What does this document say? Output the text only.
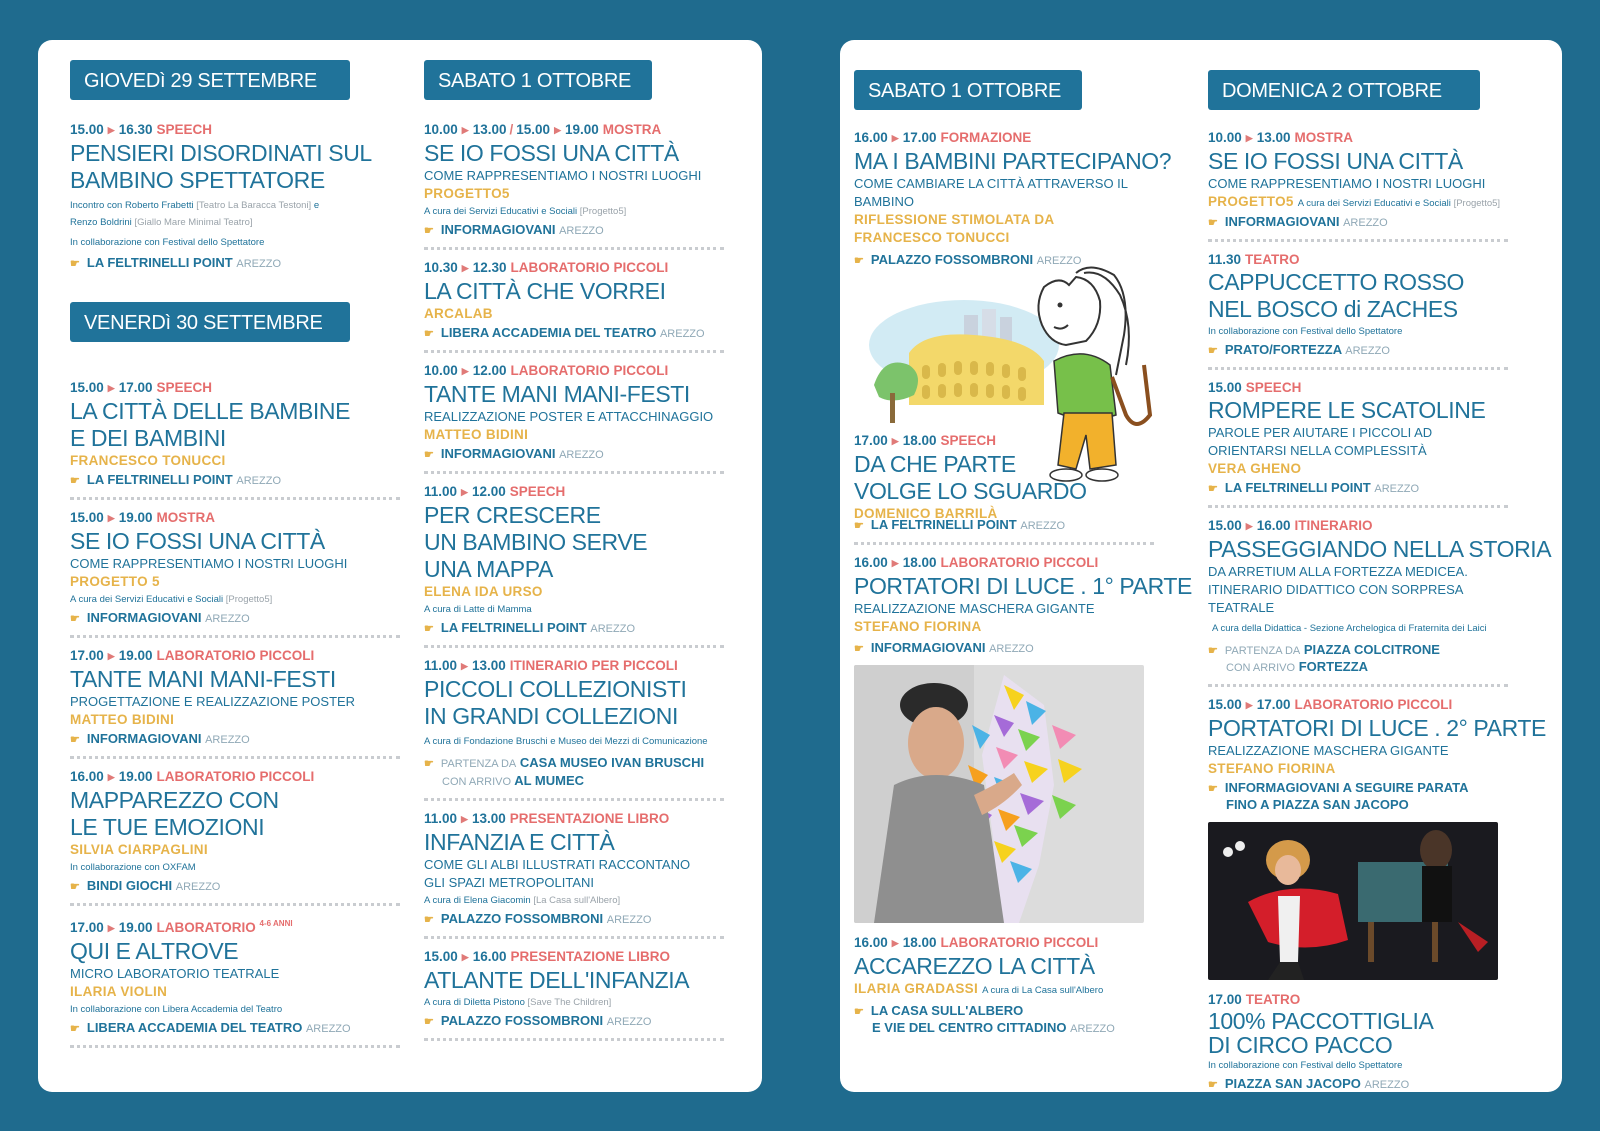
GIOVEDì 29 SETTEMBRE
15.00 ▶ 16.30 SPEECH
PENSIERI DISORDINATI SUL
BAMBINO SPETTATORE
Incontro con Roberto Frabetti [Teatro La Baracca Testoni] e
Renzo Boldrini [Giallo Mare Minimal Teatro]
In collaborazione con Festival dello Spettatore
☛ LA FELTRINELLI POINT AREZZO
VENERDì 30 SETTEMBRE
15.00 ▶ 17.00 SPEECH
LA CITTÀ DELLE BAMBINE
E DEI BAMBINI
FRANCESCO TONUCCI
☛ LA FELTRINELLI POINT AREZZO
15.00 ▶ 19.00 MOSTRA
SE IO FOSSI UNA CITTÀ
COME RAPPRESENTIAMO I NOSTRI LUOGHI
PROGETTO 5
A cura dei Servizi Educativi e Sociali [Progetto5]
☛ INFORMAGIOVANI AREZZO
17.00 ▶ 19.00 LABORATORIO PICCOLI
TANTE MANI MANI-FESTI
PROGETTAZIONE E REALIZZAZIONE POSTER
MATTEO BIDINI
☛ INFORMAGIOVANI AREZZO
16.00 ▶ 19.00 LABORATORIO PICCOLI
MAPPAREZZO CON
LE TUE EMOZIONI
SILVIA CIARPAGLINI
In collaborazione con OXFAM
☛ BINDI GIOCHI AREZZO
17.00 ▶ 19.00 LABORATORIO $^{4-6 ANNI}$
QUI E ALTROVE
MICRO LABORATORIO TEATRALE
ILARIA VIOLIN
In collaborazione con Libera Accademia del Teatro
☛ LIBERA ACCADEMIA DEL TEATRO AREZZO
SABATO 1 OTTOBRE
10.00 ▶ 13.00 / 15.00 ▶ 19.00 MOSTRA
SE IO FOSSI UNA CITTÀ
COME RAPPRESENTIAMO I NOSTRI LUOGHI
PROGETTO5
A cura dei Servizi Educativi e Sociali [Progetto5]
☛ INFORMAGIOVANI AREZZO
10.30 ▶ 12.30 LABORATORIO PICCOLI
LA CITTÀ CHE VORREI
ARCALAB
☛ LIBERA ACCADEMIA DEL TEATRO AREZZO
10.00 ▶ 12.00 LABORATORIO PICCOLI
TANTE MANI MANI-FESTI
REALIZZAZIONE POSTER E ATTACCHINAGGIO
MATTEO BIDINI
☛ INFORMAGIOVANI AREZZO
11.00 ▶ 12.00 SPEECH
PER CRESCERE
UN BAMBINO SERVE
UNA MAPPA
ELENA IDA URSO
A cura di Latte di Mamma
☛ LA FELTRINELLI POINT AREZZO
11.00 ▶ 13.00 ITINERARIO PER PICCOLI
PICCOLI COLLEZIONISTI
IN GRANDI COLLEZIONI
A cura di Fondazione Bruschi e Museo dei Mezzi di Comunicazione
☛ PARTENZA DA CASA MUSEO IVAN BRUSCHI
CON ARRIVO AL MUMEC
11.00 ▶ 13.00 PRESENTAZIONE LIBRO
INFANZIA E CITTÀ
COME GLI ALBI ILLUSTRATI RACCONTANO
GLI SPAZI METROPOLITANI
A cura di Elena Giacomin [La Casa sull'Albero]
☛ PALAZZO FOSSOMBRONI AREZZO
15.00 ▶ 16.00 PRESENTAZIONE LIBRO
ATLANTE DELL'INFANZIA
A cura di Diletta Pistono [Save The Children]
☛ PALAZZO FOSSOMBRONI AREZZO
SABATO 1 OTTOBRE
16.00 ▶ 17.00 FORMAZIONE
MA I BAMBINI PARTECIPANO?
COME CAMBIARE LA CITTÀ ATTRAVERSO IL
BAMBINO
RIFLESSIONE STIMOLATA DA
FRANCESCO TONUCCI
☛ PALAZZO FOSSOMBRONI AREZZO
17.00 ▶ 18.00 SPEECH
DA CHE PARTE
VOLGE LO SGUARDO
DOMENICO BARRILÀ
☛ LA FELTRINELLI POINT AREZZO
16.00 ▶ 18.00 LABORATORIO PICCOLI
PORTATORI DI LUCE . 1° PARTE
REALIZZAZIONE MASCHERA GIGANTE
STEFANO FIORINA
☛ INFORMAGIOVANI AREZZO
16.00 ▶ 18.00 LABORATORIO PICCOLI
ACCAREZZO LA CITTÀ
ILARIA GRADASSI A cura di La Casa sull'Albero
☛ LA CASA SULL'ALBERO
E VIE DEL CENTRO CITTADINO AREZZO
DOMENICA 2 OTTOBRE
10.00 ▶ 13.00 MOSTRA
SE IO FOSSI UNA CITTÀ
COME RAPPRESENTIAMO I NOSTRI LUOGHI
PROGETTO5 A cura dei Servizi Educativi e Sociali [Progetto5]
☛ INFORMAGIOVANI AREZZO
11.30 TEATRO
CAPPUCCETTO ROSSO
NEL BOSCO di ZACHES
In collaborazione con Festival dello Spettatore
☛ PRATO/FORTEZZA AREZZO
15.00 SPEECH
ROMPERE LE SCATOLINE
PAROLE PER AIUTARE I PICCOLI AD
ORIENTARSI NELLA COMPLESSITÀ
VERA GHENO
☛ LA FELTRINELLI POINT AREZZO
15.00 ▶ 16.00 ITINERARIO
PASSEGGIANDO NELLA STORIA
DA ARRETIUM ALLA FORTEZZA MEDICEA.
ITINERARIO DIDATTICO CON SORPRESA
TEATRALE
A cura della Didattica - Sezione Archelogica di Fraternita dei Laici
☛ PARTENZA DA PIAZZA COLCITRONE
CON ARRIVO FORTEZZA
15.00 ▶ 17.00 LABORATORIO PICCOLI
PORTATORI DI LUCE . 2° PARTE
REALIZZAZIONE MASCHERA GIGANTE
STEFANO FIORINA
☛ INFORMAGIOVANI A SEGUIRE PARATA
FINO A PIAZZA SAN JACOPO
17.00 TEATRO
100% PACCOTTIGLIA
DI CIRCO PACCO
In collaborazione con Festival dello Spettatore
☛ PIAZZA SAN JACOPO AREZZO
